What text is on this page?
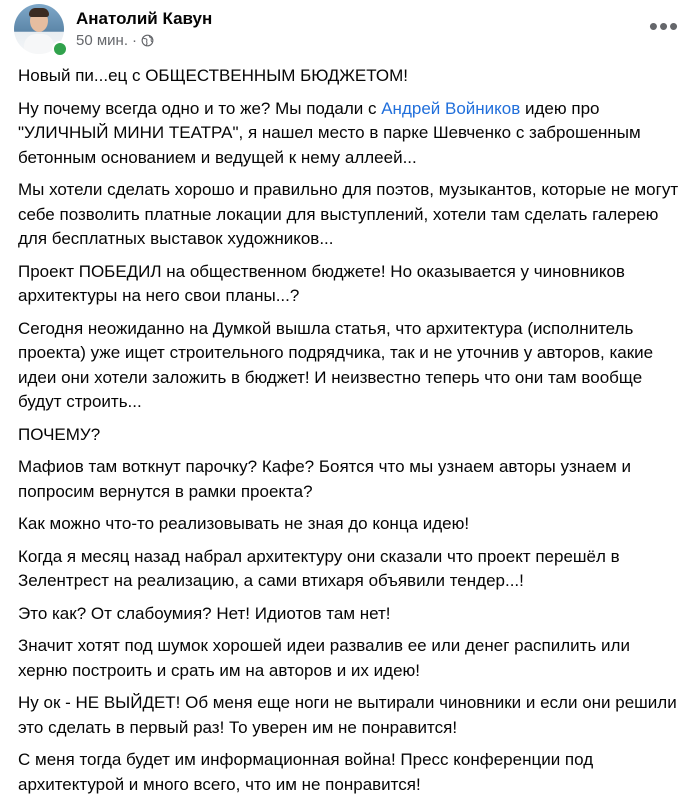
Анатолий Кавун
50 мин. ·	•••

Новый пи...ец с ОБЩЕСТВЕННЫМ БЮДЖЕТОМ!

Ну почему всегда одно и то же? Мы подали с Андрей Войников идею про "УЛИЧНЫЙ МИНИ ТЕАТРА", я нашел место в парке Шевченко с заброшенным бетонным основанием и ведущей к нему аллеей...

Мы хотели сделать хорошо и правильно для поэтов, музыкантов, которые не могут себе позволить платные локации для выступлений, хотели там сделать галерею для бесплатных выставок художников...

Проект ПОБЕДИЛ на общественном бюджете! Но оказывается у чиновников архитектуры на него свои планы...?

Сегодня неожиданно на Думкой вышла статья, что архитектура (исполнитель проекта) уже ищет строительного подрядчика, так и не уточнив у авторов, какие идеи они хотели заложить в бюджет! И неизвестно теперь что они там вообще будут строить...

ПОЧЕМУ?

Мафиов там воткнут парочку? Кафе? Боятся что мы узнаем авторы узнаем и попросим вернутся в рамки проекта?

Как можно что-то реализовывать не зная до конца идею!

Когда я месяц назад набрал архитектуру они сказали что проект перешёл в Зелентрест на реализацию, а сами втихаря объявили тендер...!

Это как? От слабоумия? Нет! Идиотов там нет!

Значит хотят под шумок хорошей идеи развалив ее или денег распилить или херню построить и срать им на авторов и их идею!

Ну ок - НЕ ВЫЙДЕТ! Об меня еще ноги не вытирали чиновники и если они решили это сделать в первый раз! То уверен им не понравится!

С меня тогда будет им информационная война! Пресс конференции под архитектурой и много всего, что им не понравится!
